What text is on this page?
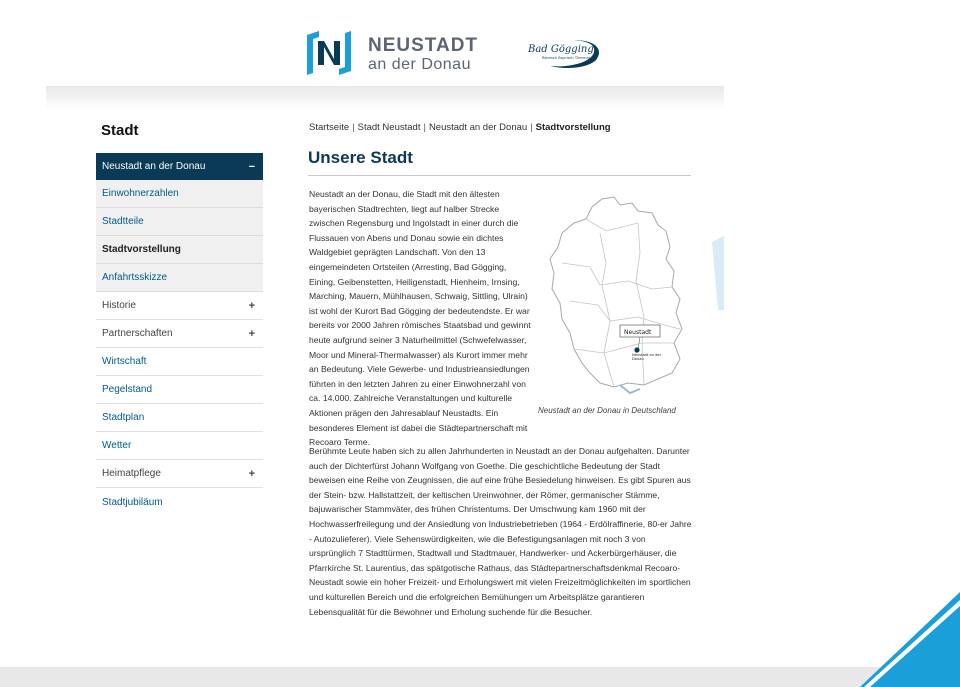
NEUSTADT
an der Donau
Bad Gögging
Römisch Bayrisch Thermal
Stadt
Neustadt an der Donau	−
Einwohnerzahlen
Stadtteile
Stadtvorstellung
Anfahrtsskizze
Historie	+
Partnerschaften	+
Wirtschaft
Pegelstand
Stadtplan
Wetter
Heimatpflege	+
Stadtjubiläum
Startseite | Stadt Neustadt | Neustadt an der Donau | Stadtvorstellung
Unsere Stadt

Neustadt an der Donau, die Stadt mit den ältesten bayerischen Stadtrechten, liegt auf halber Strecke zwischen Regensburg und Ingolstadt in einer durch die Flussauen von Abens und Donau sowie ein dichtes Waldgebiet geprägten Landschaft. Von den 13 eingemeindeten Ortsteilen (Arresting, Bad Gögging, Eining, Geibenstetten, Heiligenstadt, Hienheim, Irnsing, Marching, Mauern, Mühlhausen, Schwaig, Sittling, Ulrain) ist wohl der Kurort Bad Gögging der bedeutendste. Er war bereits vor 2000 Jahren römisches Staatsbad und gewinnt heute aufgrund seiner 3 Naturheilmittel (Schwefelwasser, Moor und Mineral-Thermalwasser) als Kurort immer mehr an Bedeutung. Viele Gewerbe- und Industrieansiedlungen führten in den letzten Jahren zu einer Einwohnerzahl von ca. 14.000. Zahlreiche Veranstaltungen und kulturelle Aktionen prägen den Jahresablauf Neustadts. Ein besonderes Element ist dabei die Städtepartnerschaft mit Recoaro Terme.

Neustadt
Neustadt an der Donau
Neustadt an der Donau in Deutschland

Berühmte Leute haben sich zu allen Jahrhunderten in Neustadt an der Donau aufgehalten. Darunter auch der Dichterfürst Johann Wolfgang von Goethe. Die geschichtliche Bedeutung der Stadt beweisen eine Reihe von Zeugnissen, die auf eine frühe Besiedelung hinweisen. Es gibt Spuren aus der Stein- bzw. Hallstattzeit, der keltischen Ureinwohner, der Römer, germanischer Stämme, bajuwarischer Stammväter, des frühen Christentums. Der Umschwung kam 1960 mit der Hochwasserfreilegung und der Ansiedlung von Industriebetrieben (1964 - Erdölraffinerie, 80-er Jahre - Autozulieferer). Viele Sehenswürdigkeiten, wie die Befestigungsanlagen mit noch 3 von ursprünglich 7 Stadttürmen, Stadtwall und Stadtmauer, Handwerker- und Ackerbürgerhäuser, die Pfarrkirche St. Laurentius, das spätgotische Rathaus, das Städtepartnerschaftsdenkmal Recoaro-Neustadt sowie ein hoher Freizeit- und Erholungswert mit vielen Freizeitmöglichkeiten im sportlichen und kulturellen Bereich und die erfolgreichen Bemühungen um Arbeitsplätze garantieren Lebensqualität für die Bewohner und Erholung suchende für die Besucher.
